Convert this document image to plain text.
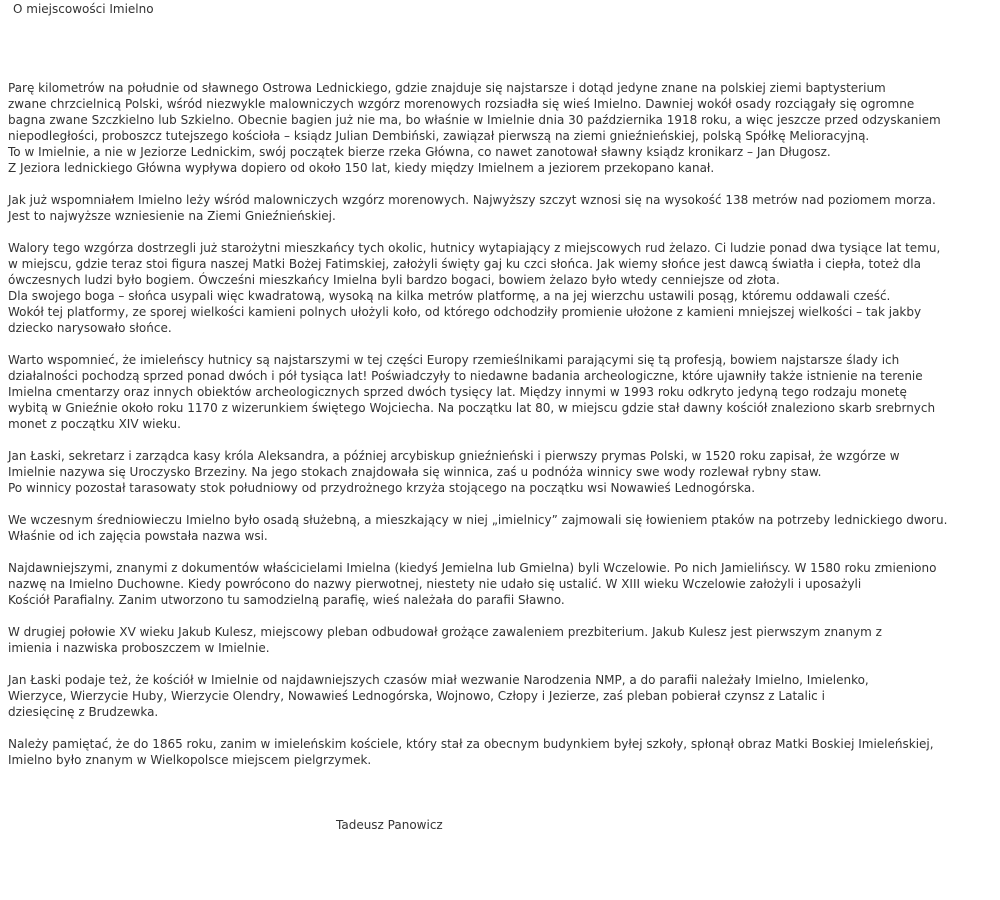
O miejscowości Imielno
Parę kilometrów na południe od sławnego Ostrowa Lednickiego, gdzie znajduje się najstarsze i dotąd jedyne znane na polskiej ziemi baptysterium
zwane chrzcielnicą Polski, wśród niezwykle malowniczych wzgórz morenowych rozsiadła się wieś Imielno. Dawniej wokół osady rozciągały się ogromne
bagna zwane Szczkielno lub Szkielno. Obecnie bagien już nie ma, bo właśnie w Imielnie dnia 30 października 1918 roku, a więc jeszcze przed odzyskaniem
niepodległości, proboszcz tutejszego kościoła – ksiądz Julian Dembiński, zawiązał pierwszą na ziemi gnieźnieńskiej, polską Spółkę Melioracyjną.
To w Imielnie, a nie w Jeziorze Lednickim, swój początek bierze rzeka Główna, co nawet zanotował sławny ksiądz kronikarz – Jan Długosz.
Z Jeziora lednickiego Główna wypływa dopiero od około 150 lat, kiedy między Imielnem a jeziorem przekopano kanał.
Jak już wspomniałem Imielno leży wśród malowniczych wzgórz morenowych. Najwyższy szczyt wznosi się na wysokość 138 metrów nad poziomem morza.
Jest to najwyższe wzniesienie na Ziemi Gnieźnieńskiej.
Walory tego wzgórza dostrzegli już starożytni mieszkańcy tych okolic, hutnicy wytapiający z miejscowych rud żelazo. Ci ludzie ponad dwa tysiące lat temu,
w miejscu, gdzie teraz stoi figura naszej Matki Bożej Fatimskiej, założyli święty gaj ku czci słońca. Jak wiemy słońce jest dawcą światła i ciepła, toteż dla
ówczesnych ludzi było bogiem. Ówcześni mieszkańcy Imielna byli bardzo bogaci, bowiem żelazo było wtedy cenniejsze od złota.
Dla swojego boga – słońca usypali więc kwadratową, wysoką na kilka metrów platformę, a na jej wierzchu ustawili posąg, któremu oddawali cześć.
Wokół tej platformy, ze sporej wielkości kamieni polnych ułożyli koło, od którego odchodziły promienie ułożone z kamieni mniejszej wielkości – tak jakby
dziecko narysowało słońce.
Warto wspomnieć, że imieleńscy hutnicy są najstarszymi w tej części Europy rzemieślnikami parającymi się tą profesją, bowiem najstarsze ślady ich
działalności pochodzą sprzed ponad dwóch i pół tysiąca lat! Poświadczyły to niedawne badania archeologiczne, które ujawniły także istnienie na terenie
Imielna cmentarzy oraz innych obiektów archeologicznych sprzed dwóch tysięcy lat. Między innymi w 1993 roku odkryto jedyną tego rodzaju monetę
wybitą w Gnieźnie około roku 1170 z wizerunkiem świętego Wojciecha. Na początku lat 80, w miejscu gdzie stał dawny kościół znaleziono skarb srebrnych
monet z początku XIV wieku.
Jan Łaski, sekretarz i zarządca kasy króla Aleksandra, a później arcybiskup gnieźnieński i pierwszy prymas Polski, w 1520 roku zapisał, że wzgórze w
Imielnie nazywa się Uroczysko Brzeziny. Na jego stokach znajdowała się winnica, zaś u podnóża winnicy swe wody rozlewał rybny staw.
Po winnicy pozostał tarasowaty stok południowy od przydrożnego krzyża stojącego na początku wsi Nowawieś Lednogórska.
We wczesnym średniowieczu Imielno było osadą służebną, a mieszkający w niej „imielnicy” zajmowali się łowieniem ptaków na potrzeby lednickiego dworu.
Właśnie od ich zajęcia powstała nazwa wsi.
Najdawniejszymi, znanymi z dokumentów właścicielami Imielna (kiedyś Jemielna lub Gmielna) byli Wczelowie. Po nich Jamielińscy. W 1580 roku zmieniono
nazwę na Imielno Duchowne. Kiedy powrócono do nazwy pierwotnej, niestety nie udało się ustalić. W XIII wieku Wczelowie założyli i uposażyli
Kościół Parafialny. Zanim utworzono tu samodzielną parafię, wieś należała do parafii Sławno.
W drugiej połowie XV wieku Jakub Kulesz, miejscowy pleban odbudował grożące zawaleniem prezbiterium. Jakub Kulesz jest pierwszym znanym z
imienia i nazwiska proboszczem w Imielnie.
Jan Łaski podaje też, że kościół w Imielnie od najdawniejszych czasów miał wezwanie Narodzenia NMP, a do parafii należały Imielno, Imielenko,
Wierzyce, Wierzycie Huby, Wierzycie Olendry, Nowawieś Lednogórska, Wojnowo, Człopy i Jezierze, zaś pleban pobierał czynsz z Latalic i
dziesięcinę z Brudzewka.
Należy pamiętać, że do 1865 roku, zanim w imieleńskim kościele, który stał za obecnym budynkiem byłej szkoły, spłonął obraz Matki Boskiej Imieleńskiej,
Imielno było znanym w Wielkopolsce miejscem pielgrzymek.
Tadeusz Panowicz
